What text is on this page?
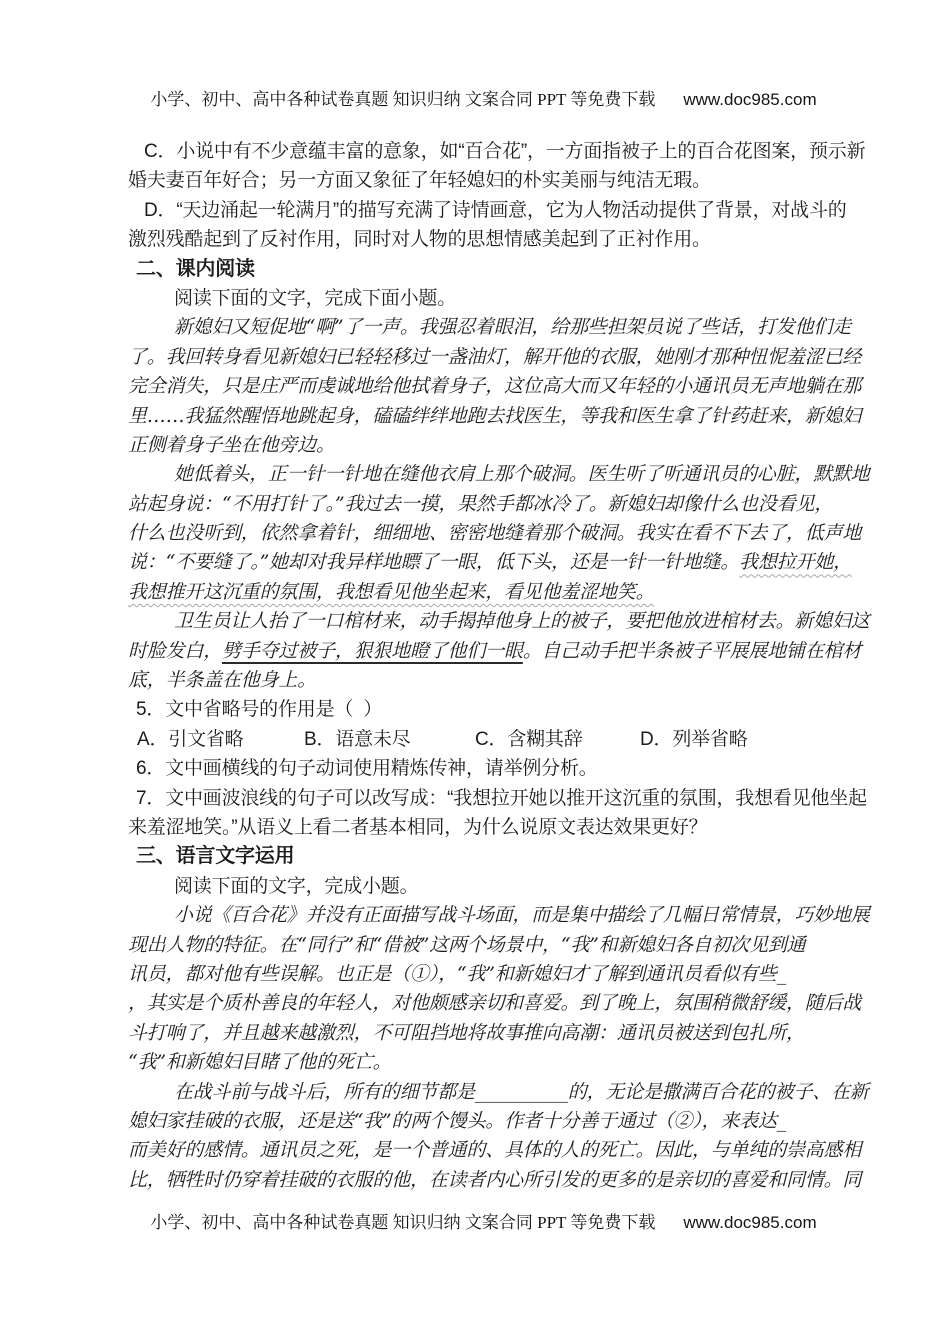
小学、初中、高中各种试卷真题 知识归纳 文案合同 PPT 等免费下载 www.doc985.com

C．小说中有不少意蕴丰富的意象，如“百合花”，一方面指被子上的百合花图案，预示新
婚夫妻百年好合；另一方面又象征了年轻媳妇的朴实美丽与纯洁无瑕。
D．“天边涌起一轮满月”的描写充满了诗情画意，它为人物活动提供了背景，对战斗的
激烈残酷起到了反衬作用，同时对人物的思想情感美起到了正衬作用。
二、课内阅读
阅读下面的文字，完成下面小题。
新媳妇又短促地“啊”了一声。我强忍着眼泪，给那些担架员说了些话，打发他们走
了。我回转身看见新媳妇已轻轻移过一盏油灯，解开他的衣服，她刚才那种忸怩羞涩已经
完全消失，只是庄严而虔诚地给他拭着身子，这位高大而又年轻的小通讯员无声地躺在那
里……我猛然醒悟地跳起身，磕磕绊绊地跑去找医生，等我和医生拿了针药赶来，新媳妇
正侧着身子坐在他旁边。
她低着头，正一针一针地在缝他衣肩上那个破洞。医生听了听通讯员的心脏，默默地
站起身说：“不用打针了。”我过去一摸，果然手都冰冷了。新媳妇却像什么也没看见，
什么也没听到，依然拿着针，细细地、密密地缝着那个破洞。我实在看不下去了，低声地
说：“不要缝了。”她却对我异样地瞟了一眼，低下头，还是一针一针地缝。我想拉开她，
我想推开这沉重的氛围，我想看见他坐起来，看见他羞涩地笑。
卫生员让人抬了一口棺材来，动手揭掉他身上的被子，要把他放进棺材去。新媳妇这
时脸发白，劈手夺过被子，狠狠地瞪了他们一眼。自己动手把半条被子平展展地铺在棺材
底，半条盖在他身上。
5．文中省略号的作用是（  ）
A．引文省略	B．语意未尽	C．含糊其辞	D．列举省略
6．文中画横线的句子动词使用精炼传神，请举例分析。
7．文中画波浪线的句子可以改写成：“我想拉开她以推开这沉重的氛围，我想看见他坐起
来羞涩地笑。”从语义上看二者基本相同，为什么说原文表达效果更好？
三、语言文字运用
阅读下面的文字，完成小题。
小说《百合花》并没有正面描写战斗场面，而是集中描绘了几幅日常情景，巧妙地展
现出人物的特征。在“同行”和“借被”这两个场景中，“我”和新媳妇各自初次见到通
讯员，都对他有些误解。也正是（①），“我”和新媳妇才了解到通讯员看似有些_
，其实是个质朴善良的年轻人，对他颇感亲切和喜爱。到了晚上，氛围稍微舒缓，随后战
斗打响了，并且越来越激烈，不可阻挡地将故事推向高潮：通讯员被送到包扎所，
“我”和新媳妇目睹了他的死亡。
在战斗前与战斗后，所有的细节都是__________的，无论是撒满百合花的被子、在新
媳妇家挂破的衣服，还是送“我”的两个馒头。作者十分善于通过（②），来表达_
而美好的感情。通讯员之死，是一个普通的、具体的人的死亡。因此，与单纯的崇高感相
比，牺牲时仍穿着挂破的衣服的他，在读者内心所引发的更多的是亲切的喜爱和同情。同

小学、初中、高中各种试卷真题 知识归纳 文案合同 PPT 等免费下载 www.doc985.com
